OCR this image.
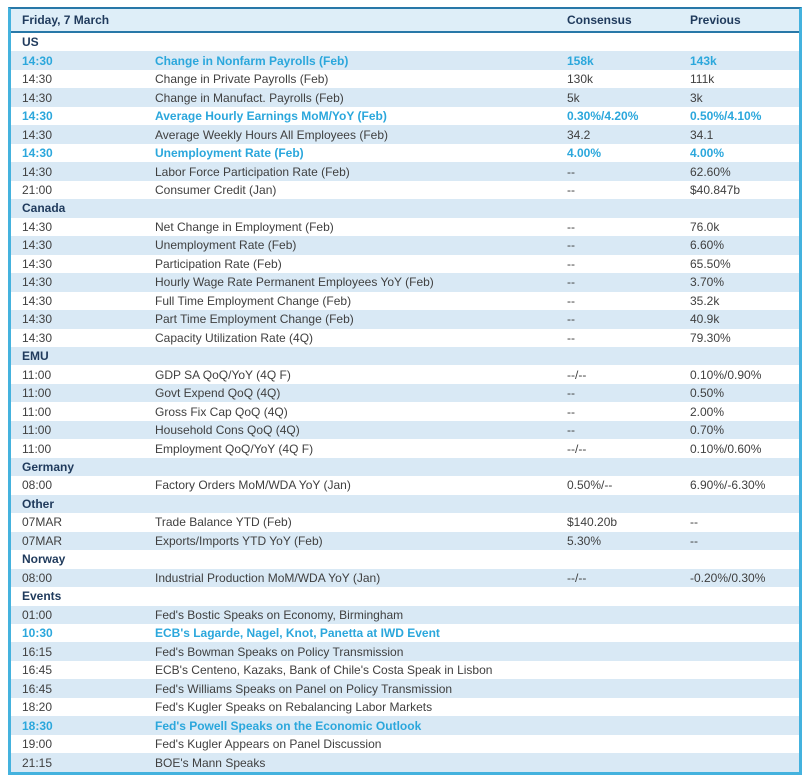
Friday, 7 March	Consensus	Previous
US
14:30	Change in Nonfarm Payrolls (Feb)	158k	143k
14:30	Change in Private Payrolls (Feb)	130k	111k
14:30	Change in Manufact. Payrolls (Feb)	5k	3k
14:30	Average Hourly Earnings MoM/YoY (Feb)	0.30%/4.20%	0.50%/4.10%
14:30	Average Weekly Hours All Employees (Feb)	34.2	34.1
14:30	Unemployment Rate (Feb)	4.00%	4.00%
14:30	Labor Force Participation Rate (Feb)	--	62.60%
21:00	Consumer Credit (Jan)	--	$40.847b
Canada
14:30	Net Change in Employment (Feb)	--	76.0k
14:30	Unemployment Rate (Feb)	--	6.60%
14:30	Participation Rate (Feb)	--	65.50%
14:30	Hourly Wage Rate Permanent Employees YoY (Feb)	--	3.70%
14:30	Full Time Employment Change (Feb)	--	35.2k
14:30	Part Time Employment Change (Feb)	--	40.9k
14:30	Capacity Utilization Rate (4Q)	--	79.30%
EMU
11:00	GDP SA QoQ/YoY (4Q F)	--/--	0.10%/0.90%
11:00	Govt Expend QoQ (4Q)	--	0.50%
11:00	Gross Fix Cap QoQ (4Q)	--	2.00%
11:00	Household Cons QoQ (4Q)	--	0.70%
11:00	Employment QoQ/YoY (4Q F)	--/--	0.10%/0.60%
Germany
08:00	Factory Orders MoM/WDA YoY (Jan)	0.50%/--	6.90%/-6.30%
Other
07MAR	Trade Balance YTD (Feb)	$140.20b	--
07MAR	Exports/Imports YTD YoY (Feb)	5.30%	--
Norway
08:00	Industrial Production MoM/WDA YoY (Jan)	--/--	-0.20%/0.30%
Events
01:00	Fed's Bostic Speaks on Economy, Birmingham
10:30	ECB's Lagarde, Nagel, Knot, Panetta at IWD Event
16:15	Fed's Bowman Speaks on Policy Transmission
16:45	ECB's Centeno, Kazaks, Bank of Chile's Costa Speak in Lisbon
16:45	Fed's Williams Speaks on Panel on Policy Transmission
18:20	Fed's Kugler Speaks on Rebalancing Labor Markets
18:30	Fed's Powell Speaks on the Economic Outlook
19:00	Fed's Kugler Appears on Panel Discussion
21:15	BOE's Mann Speaks
